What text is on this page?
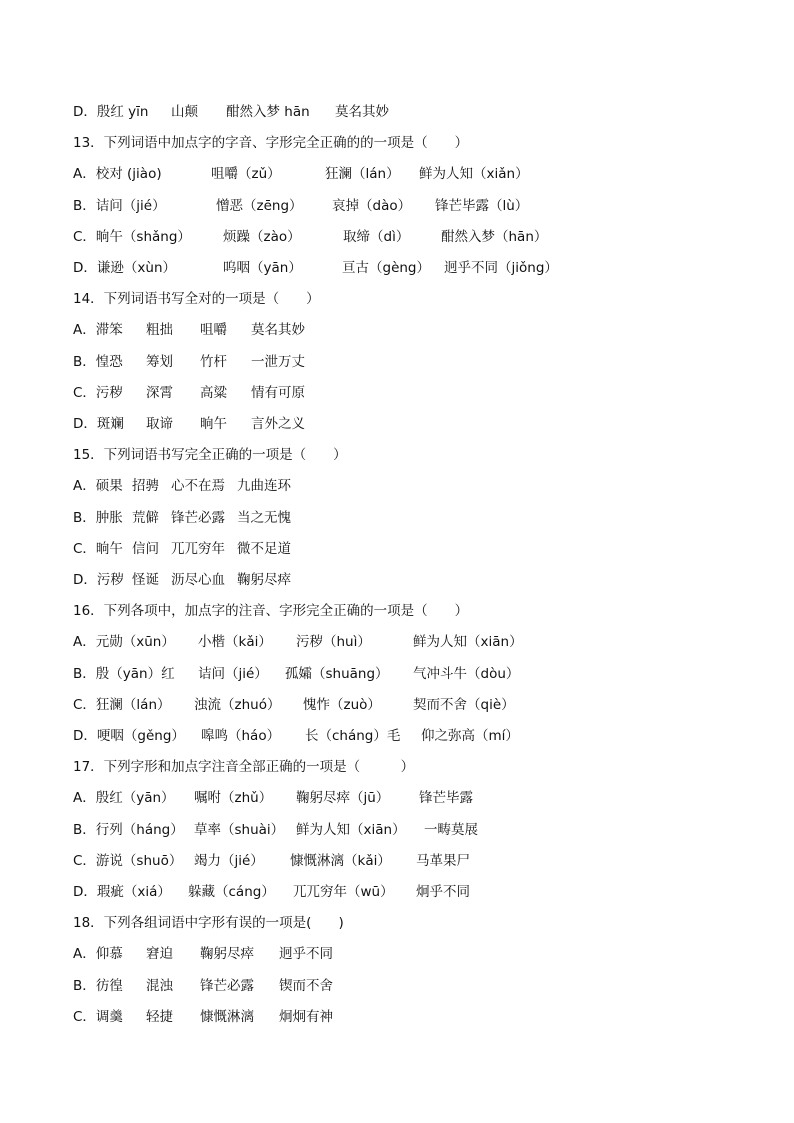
D．殷红 yīn 山颠 酣然入梦 hān 莫名其妙
13．下列词语中加点字的字音、字形完全正确的的一项是（　　）
A．校对 (jiào)	咀嚼（zǔ）	狂澜（lán） 鲜为人知（xiǎn）
B．诘问（jié）	憎恶（zēng） 哀掉（dào） 锋芒毕露（lù）
C．晌午（shǎng） 烦躁（zào）	取缔（dì） 酣然入梦（hān）
D．谦逊（xùn）	呜咽（yān）	亘古（gèng） 迥乎不同（jiǒng）
14．下列词语书写全对的一项是（　　）
A．滞笨 粗拙 咀嚼 莫名其妙
B．惶恐 筹划 竹杆 一泄万丈
C．污秽 深霄 高粱 情有可原
D．斑斓 取谛 晌午 言外之义
15．下列词语书写完全正确的一项是（　　）
A．硕果 招骋 心不在焉 九曲连环
B．肿胀 荒僻 锋芒必露 当之无愧
C．晌午 信问 兀兀穷年 微不足道
D．污秽 怪诞 沥尽心血 鞠躬尽瘁
16．下列各项中，加点字的注音、字形完全正确的一项是（　　）
A．元勋（xūn） 小楷（kǎi） 污秽（huì）	鲜为人知（xiān）
B．殷（yān）红 诘问（jié） 孤孀（shuāng） 气冲斗牛（dòu）
C．狂澜（lán） 浊流（zhuó） 愧怍（zuò） 契而不舍（qiè）
D．哽咽（gěng） 嗥鸣（háo） 长（cháng）毛 仰之弥高（mí）
17．下列字形和加点字注音全部正确的一项是（　　　）
A．殷红（yān） 嘱咐（zhǔ） 鞠躬尽瘁（jū） 锋芒毕露
B．行列（háng） 草率（shuài） 鲜为人知（xiān） 一畴莫展
C．游说（shuō） 竭力（jié） 慷慨淋漓（kǎi） 马革果尸
D．瑕疵（xiá） 躲藏（cáng） 兀兀穷年（wū） 炯乎不同
18．下列各组词语中字形有误的一项是(　　)
A．仰慕 窘迫 鞠躬尽瘁 迥乎不同
B．彷徨 混浊 锋芒必露 锲而不舍
C．调羹 轻捷 慷慨淋漓 炯炯有神
